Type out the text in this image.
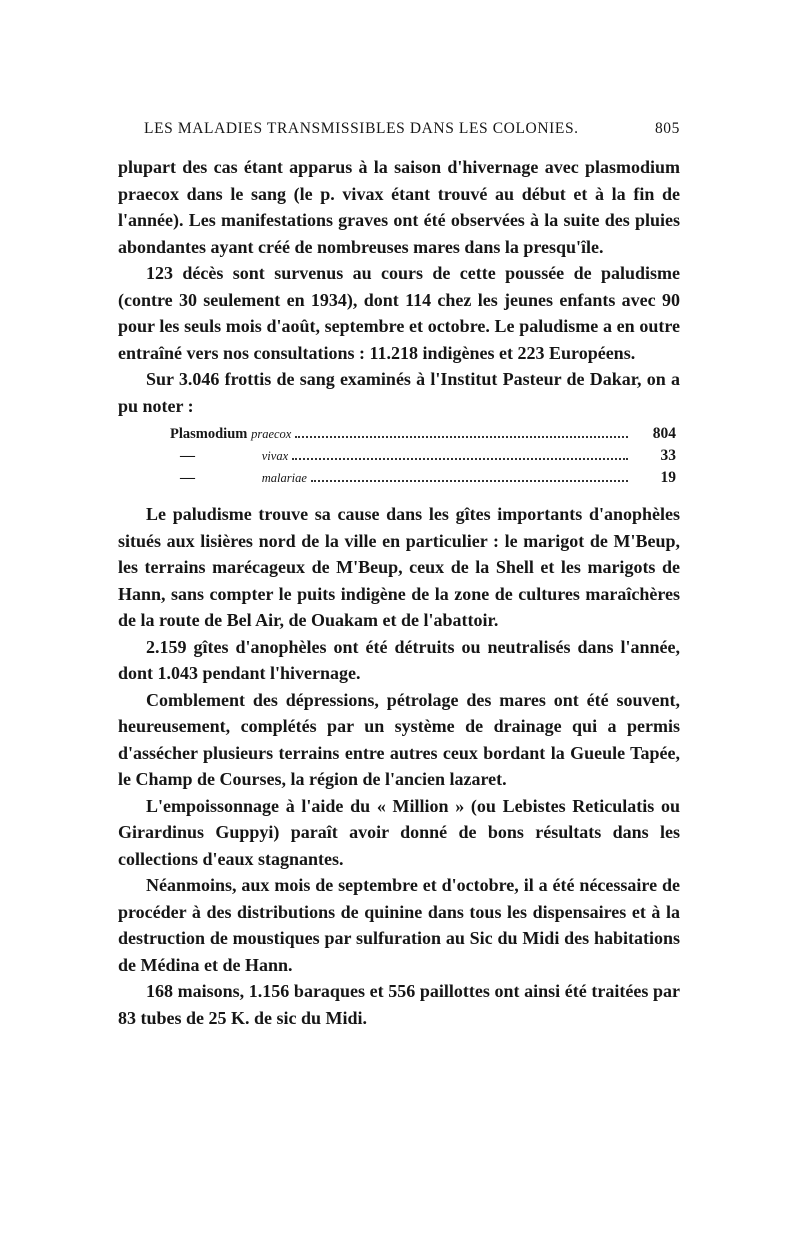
LES MALADIES TRANSMISSIBLES DANS LES COLONIES.	805

plupart des cas étant apparus à la saison d'hivernage avec plasmodium praecox dans le sang (le p. vivax étant trouvé au début et à la fin de l'année). Les manifestations graves ont été observées à la suite des pluies abondantes ayant créé de nombreuses mares dans la presqu'île.

123 décès sont survenus au cours de cette poussée de paludisme (contre 30 seulement en 1934), dont 114 chez les jeunes enfants avec 90 pour les seuls mois d'août, septembre et octobre. Le paludisme a en outre entraîné vers nos consultations : 11.218 indigènes et 223 Européens.

Sur 3.046 frottis de sang examinés à l'Institut Pasteur de Dakar, on a pu noter :

Plasmodium praecox	804
—	vivax	33
—	malariae	19

Le paludisme trouve sa cause dans les gîtes importants d'anophèles situés aux lisières nord de la ville en particulier : le marigot de M'Beup, les terrains marécageux de M'Beup, ceux de la Shell et les marigots de Hann, sans compter le puits indigène de la zone de cultures maraîchères de la route de Bel Air, de Ouakam et de l'abattoir.

2.159 gîtes d'anophèles ont été détruits ou neutralisés dans l'année, dont 1.043 pendant l'hivernage.

Comblement des dépressions, pétrolage des mares ont été souvent, heureusement, complétés par un système de drainage qui a permis d'assécher plusieurs terrains entre autres ceux bordant la Gueule Tapée, le Champ de Courses, la région de l'ancien lazaret.

L'empoissonnage à l'aide du « Million » (ou Lebistes Reticulatis ou Girardinus Guppyi) paraît avoir donné de bons résultats dans les collections d'eaux stagnantes.

Néanmoins, aux mois de septembre et d'octobre, il a été nécessaire de procéder à des distributions de quinine dans tous les dispensaires et à la destruction de moustiques par sulfuration au Sic du Midi des habitations de Médina et de Hann.

168 maisons, 1.156 baraques et 556 paillottes ont ainsi été traitées par 83 tubes de 25 K. de sic du Midi.
